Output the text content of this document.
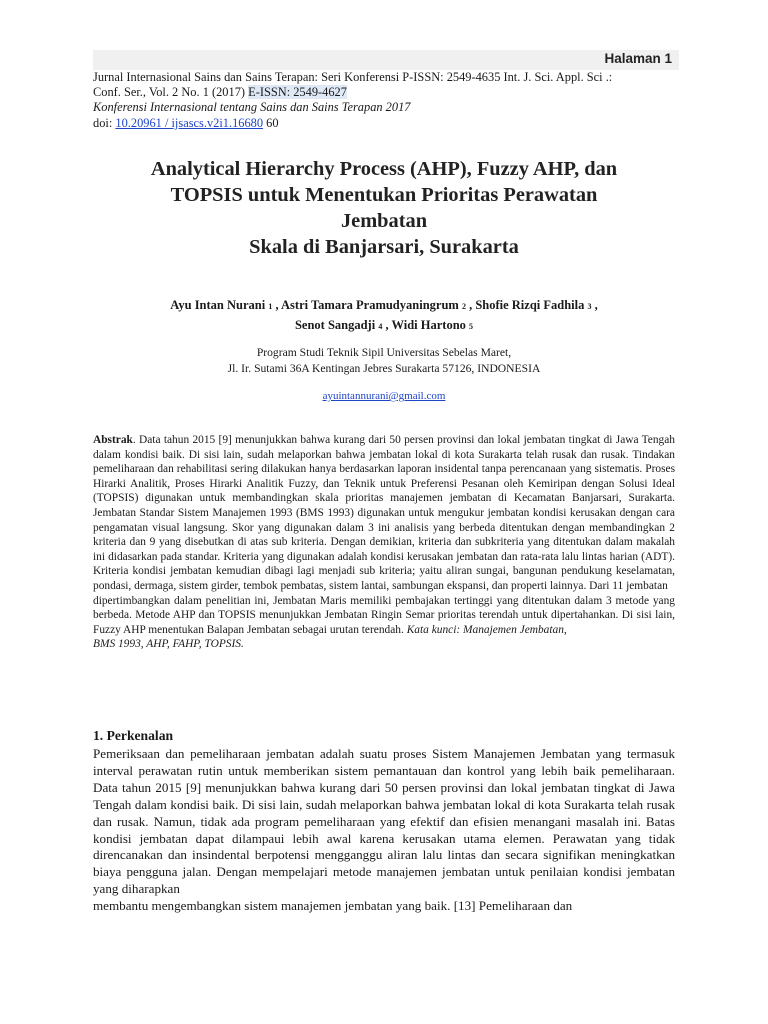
Halaman 1

Jurnal Internasional Sains dan Sains Terapan: Seri Konferensi P-ISSN: 2549-4635 Int. J. Sci. Appl. Sci .:

Conf. Ser., Vol. 2 No. 1 (2017) E-ISSN: 2549-4627

Konferensi Internasional tentang Sains dan Sains Terapan 2017

doi: 10.20961 / ijsascs.v2i1.16680 60

Analytical Hierarchy Process (AHP), Fuzzy AHP, dan

TOPSIS untuk Menentukan Prioritas Perawatan

Jembatan

Skala di Banjarsari, Surakarta

Ayu Intan Nurani 1 , Astri Tamara Pramudyaningrum 2 , Shofie Rizqi Fadhila 3 ,

Senot Sangadji 4 , Widi Hartono 5

Program Studi Teknik Sipil Universitas Sebelas Maret,

Jl. Ir. Sutami 36A Kentingan Jebres Surakarta 57126, INDONESIA

ayuintannurani@gmail.com

Abstrak. Data tahun 2015 [9] menunjukkan bahwa kurang dari 50 persen provinsi dan lokal jembatan tingkat di Jawa Tengah dalam kondisi baik. Di sisi lain, sudah melaporkan bahwa jembatan lokal di kota Surakarta telah rusak dan rusak. Tindakan pemeliharaan dan rehabilitasi sering dilakukan hanya berdasarkan laporan insidental tanpa perencanaan yang sistematis. Proses Hirarki Analitik, Proses Hirarki Analitik Fuzzy, dan Teknik untuk Preferensi Pesanan oleh Kemiripan dengan Solusi Ideal (TOPSIS) digunakan untuk membandingkan skala prioritas manajemen jembatan di Kecamatan Banjarsari, Surakarta. Jembatan Standar Sistem Manajemen 1993 (BMS 1993) digunakan untuk mengukur jembatan kondisi kerusakan dengan cara pengamatan visual langsung. Skor yang digunakan dalam 3 ini analisis yang berbeda ditentukan dengan membandingkan 2 kriteria dan 9 yang disebutkan di atas sub kriteria. Dengan demikian, kriteria dan subkriteria yang ditentukan dalam makalah ini didasarkan pada standar. Kriteria yang digunakan adalah kondisi kerusakan jembatan dan rata-rata lalu lintas harian (ADT). Kriteria kondisi jembatan kemudian dibagi lagi menjadi sub kriteria; yaitu aliran sungai, bangunan pendukung keselamatan, pondasi, dermaga, sistem girder, tembok pembatas, sistem lantai, sambungan ekspansi, dan properti lainnya. Dari 11 jembatan

dipertimbangkan dalam penelitian ini, Jembatan Maris memiliki pembajakan tertinggi yang ditentukan dalam 3 metode yang berbeda. Metode AHP dan TOPSIS menunjukkan Jembatan Ringin Semar prioritas terendah untuk dipertahankan. Di sisi lain, Fuzzy AHP menentukan Balapan Jembatan sebagai urutan terendah. Kata kunci: Manajemen Jembatan,

BMS 1993, AHP, FAHP, TOPSIS.

1. Perkenalan

Pemeriksaan dan pemeliharaan jembatan adalah suatu proses Sistem Manajemen Jembatan yang termasuk interval perawatan rutin untuk memberikan sistem pemantauan dan kontrol yang lebih baik pemeliharaan. Data tahun 2015 [9] menunjukkan bahwa kurang dari 50 persen provinsi dan lokal jembatan tingkat di Jawa Tengah dalam kondisi baik. Di sisi lain, sudah melaporkan bahwa jembatan lokal di kota Surakarta telah rusak dan rusak. Namun, tidak ada program pemeliharaan yang efektif dan efisien menangani masalah ini. Batas kondisi jembatan dapat dilampaui lebih awal karena kerusakan utama elemen. Perawatan yang tidak direncanakan dan insindental berpotensi mengganggu aliran lalu lintas dan secara signifikan meningkatkan biaya pengguna jalan. Dengan mempelajari metode manajemen jembatan untuk penilaian kondisi jembatan yang diharapkan

membantu mengembangkan sistem manajemen jembatan yang baik. [13] Pemeliharaan dan
